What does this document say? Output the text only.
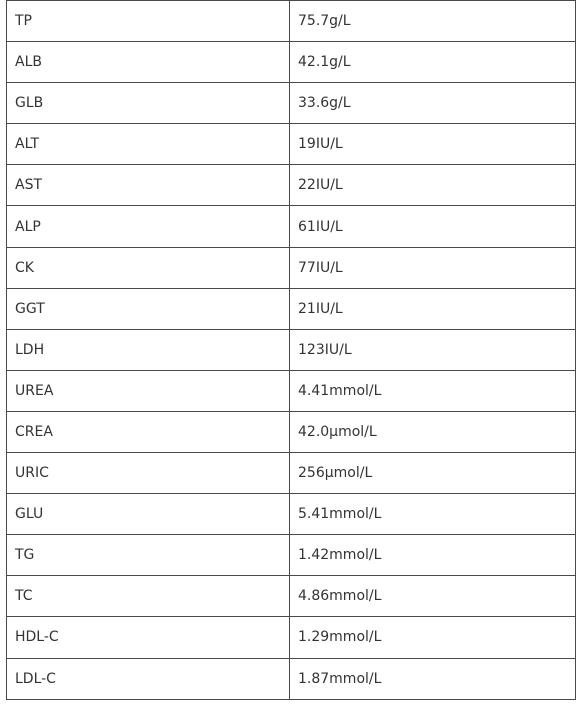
TP	75.7g/L
ALB	42.1g/L
GLB	33.6g/L
ALT	19IU/L
AST	22IU/L
ALP	61IU/L
CK	77IU/L
GGT	21IU/L
LDH	123IU/L
UREA	4.41mmol/L
CREA	42.0μmol/L
URIC	256μmol/L
GLU	5.41mmol/L
TG	1.42mmol/L
TC	4.86mmol/L
HDL-C	1.29mmol/L
LDL-C	1.87mmol/L
